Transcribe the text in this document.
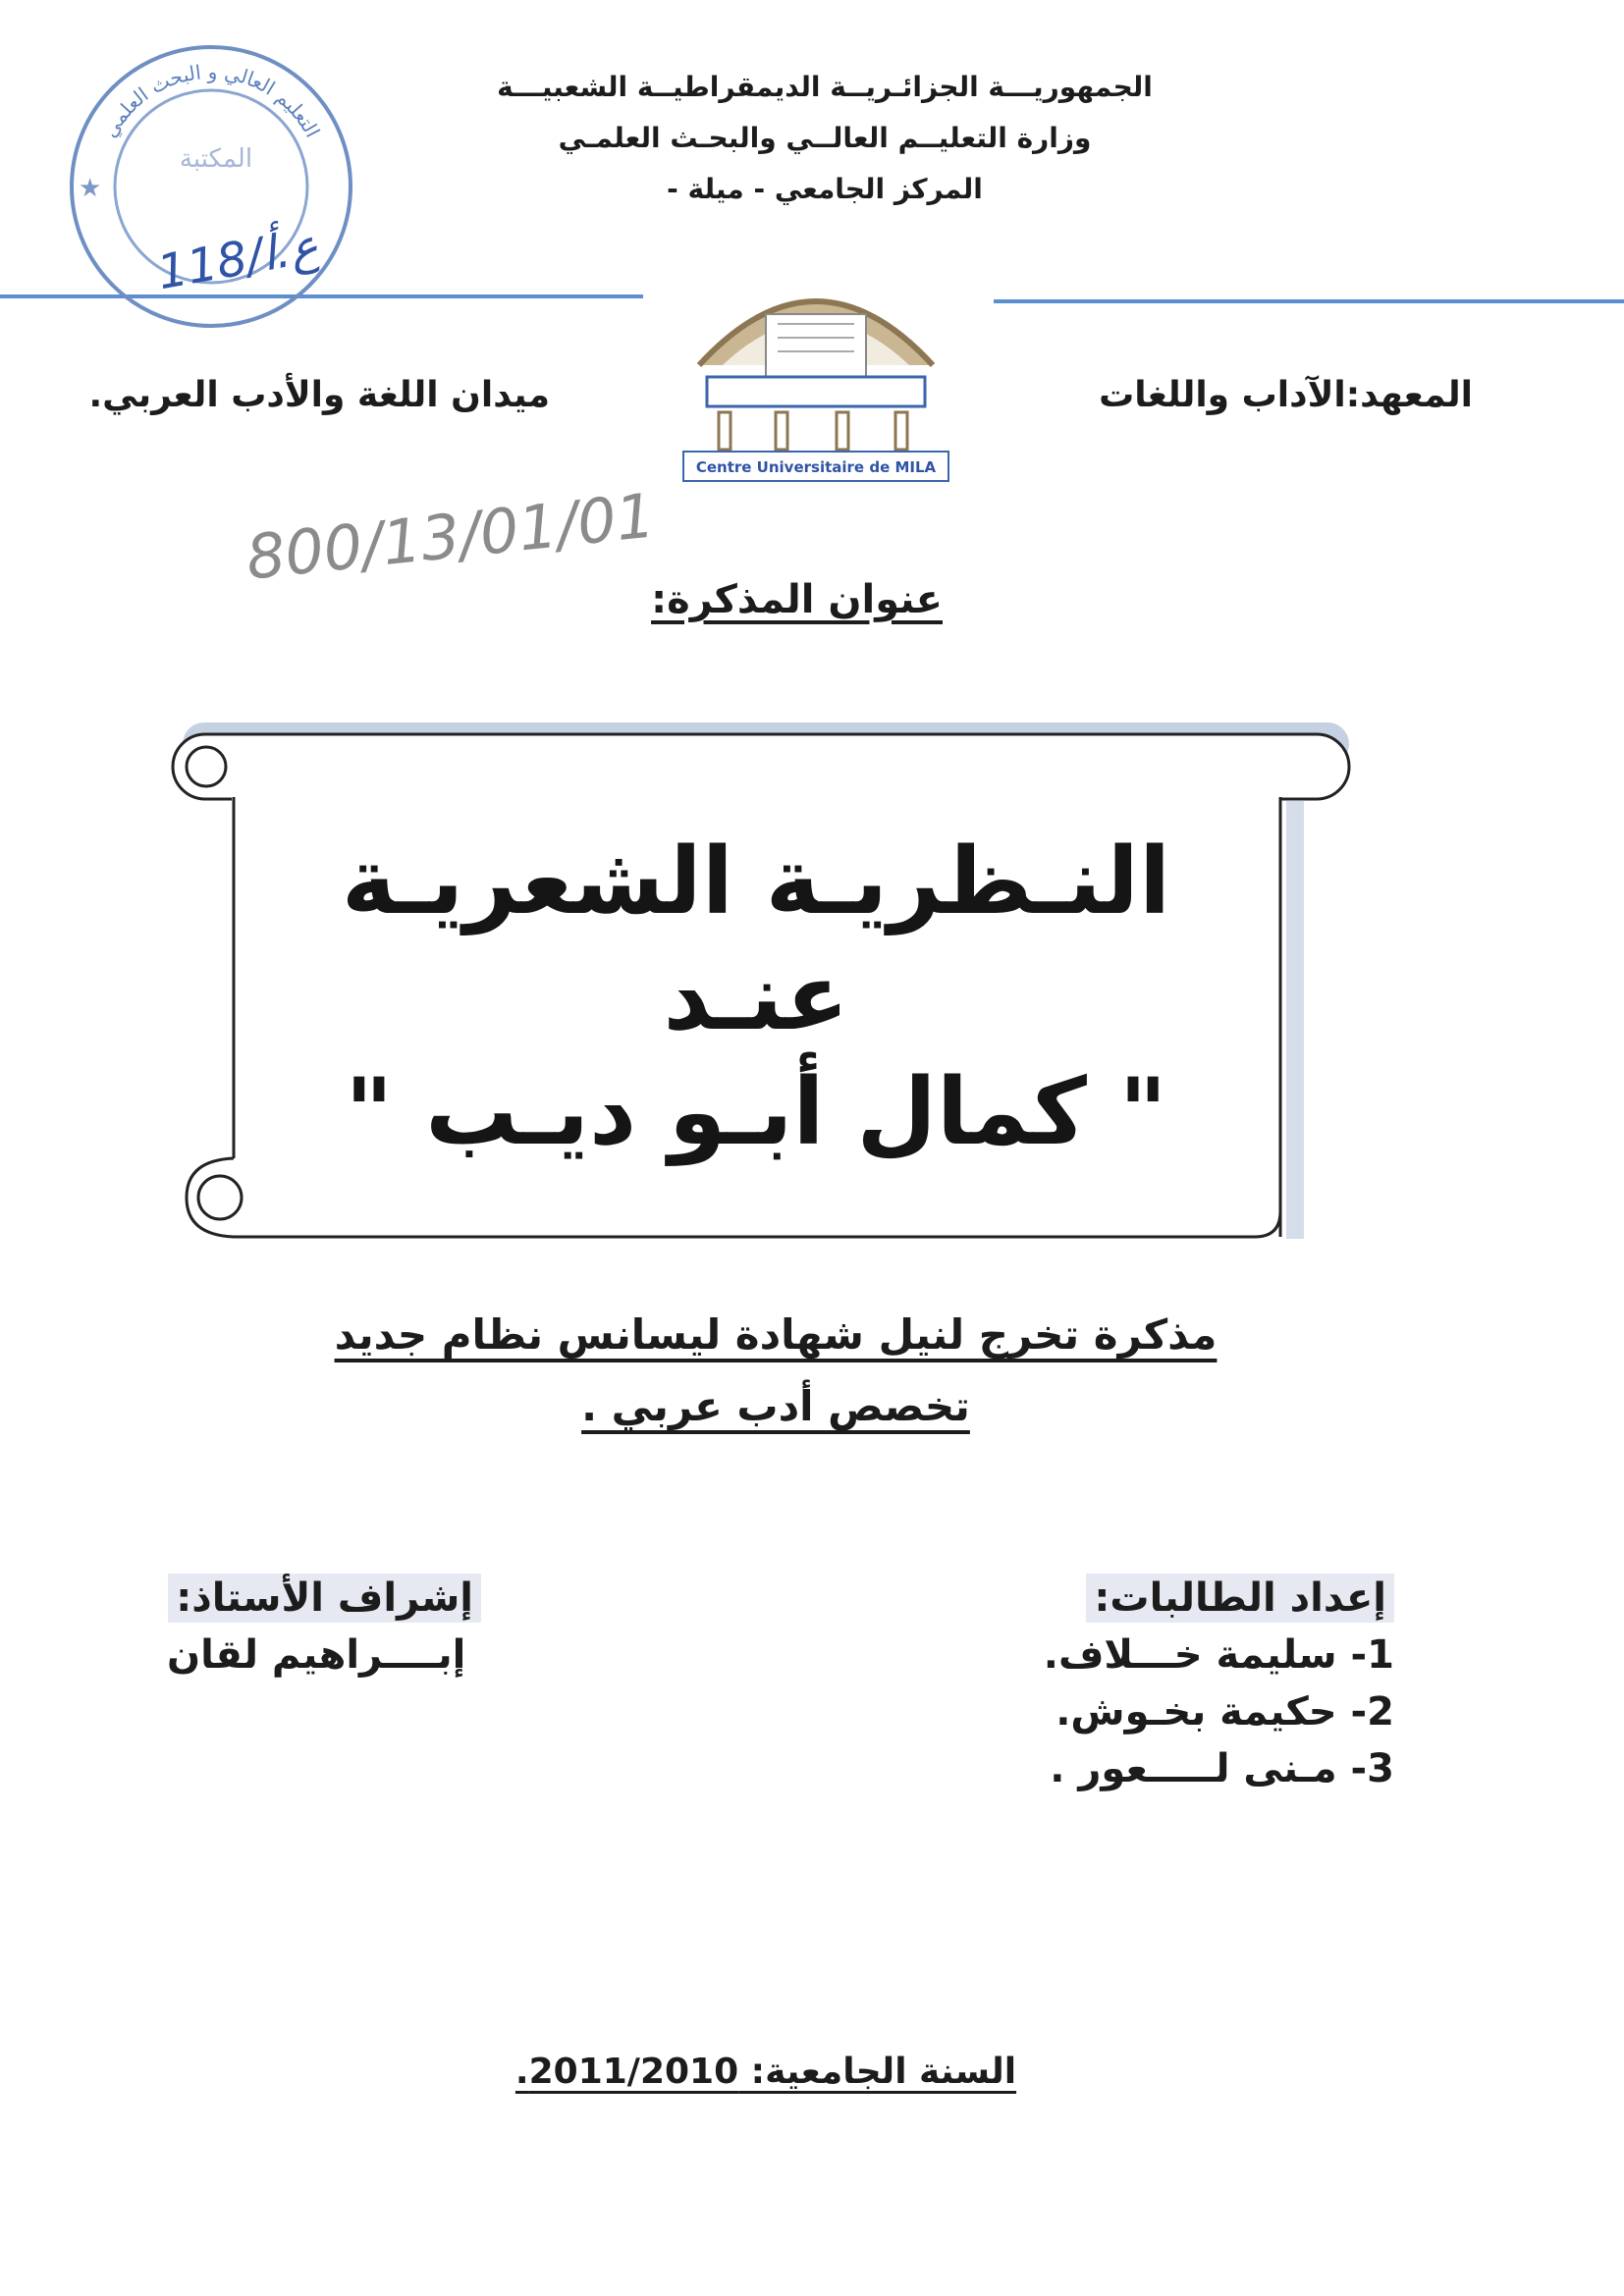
الجمهوريـــة الجزائـريــة الديمقراطيــة الشعبيـــة
وزارة التعليــم العالــي والبحـث العلمـي
المركز الجامعي - ميلة -
التعليم العالي و البحث العلمي
★
المكتبة
118/ع.أ
Centre Universitaire de MILA
المعهد:الآداب واللغات
ميدان اللغة والأدب العربي.
800/13/01/01
عنوان المذكرة:
النـظريـة الشعريـة عنـد
" كمال أبـو ديـب "
مذكرة تخرج لنيل شهادة ليسانس نظام جديد
تخصص أدب عربي .
إعداد الطالبات:
1- سليمة خـــلاف.
2- حكيمة بخـوش.
3- مـنى لـــــعور .
إشراف الأستاذ:
إبــــراهيم لقان
السنة الجامعية: 2011/2010.
